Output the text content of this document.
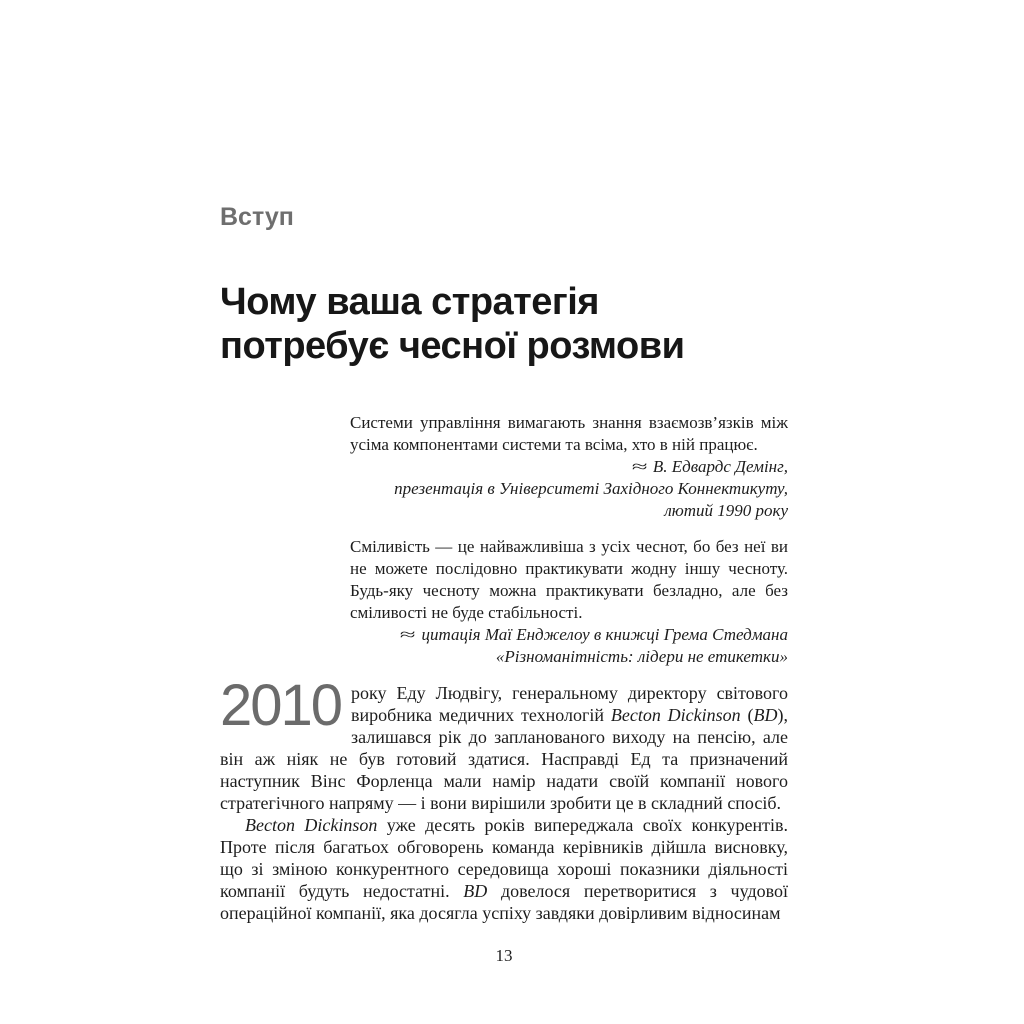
Вступ
Чому ваша стратегія
потребує чесної розмови
Системи управління вимагають знання взаємозв’язків між усіма компонентами системи та всіма, хто в ній працює.
≈ В. Едвардс Демінг,
презентація в Університеті Західного Коннектикуту,
лютий 1990 року
Сміливість — це найважливіша з усіх чеснот, бо без неї ви не можете послідовно практикувати жодну іншу чесноту. Будь-яку чесноту можна практикувати безладно, але без сміливості не буде стабільності.
≈ цитація Маї Енджелоу в книжці Грема Стедмана
«Різноманітність: лідери не етикетки»

2010 року Еду Людвігу, генеральному директору світового виробника медичних технологій Becton Dickinson (BD), залишався рік до запланованого виходу на пенсію, але він аж ніяк не був готовий здатися. Насправді Ед та призначений наступник Вінс Форленца мали намір надати своїй компанії нового стратегічного напряму — і вони вирішили зробити це в складний спосіб.

Becton Dickinson уже десять років випереджала своїх конкурентів. Проте після багатьох обговорень команда керівників дійшла висновку, що зі зміною конкурентного середовища хороші показники діяльності компанії будуть недостатні. BD довелося перетворитися з чудової операційної компанії, яка досягла успіху завдяки довірливим відносинам

13
